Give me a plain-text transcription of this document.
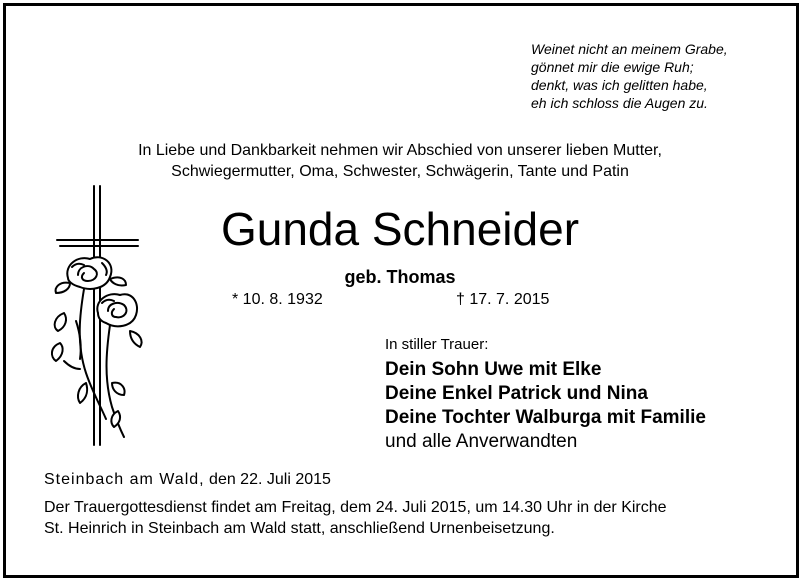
Weinet nicht an meinem Grabe,
gönnet mir die ewige Ruh;
denkt, was ich gelitten habe,
eh ich schloss die Augen zu.
In Liebe und Dankbarkeit nehmen wir Abschied von unserer lieben Mutter,
Schwiegermutter, Oma, Schwester, Schwägerin, Tante und Patin
Gunda Schneider
geb. Thomas
* 10. 8. 1932	† 17. 7. 2015
In stiller Trauer:
Dein Sohn Uwe mit Elke
Deine Enkel Patrick und Nina
Deine Tochter Walburga mit Familie
und alle Anverwandten
Steinbach am Wald, den 22. Juli 2015
Der Trauergottesdienst findet am Freitag, dem 24. Juli 2015, um 14.30 Uhr in der Kirche
St. Heinrich in Steinbach am Wald statt, anschließend Urnenbeisetzung.
